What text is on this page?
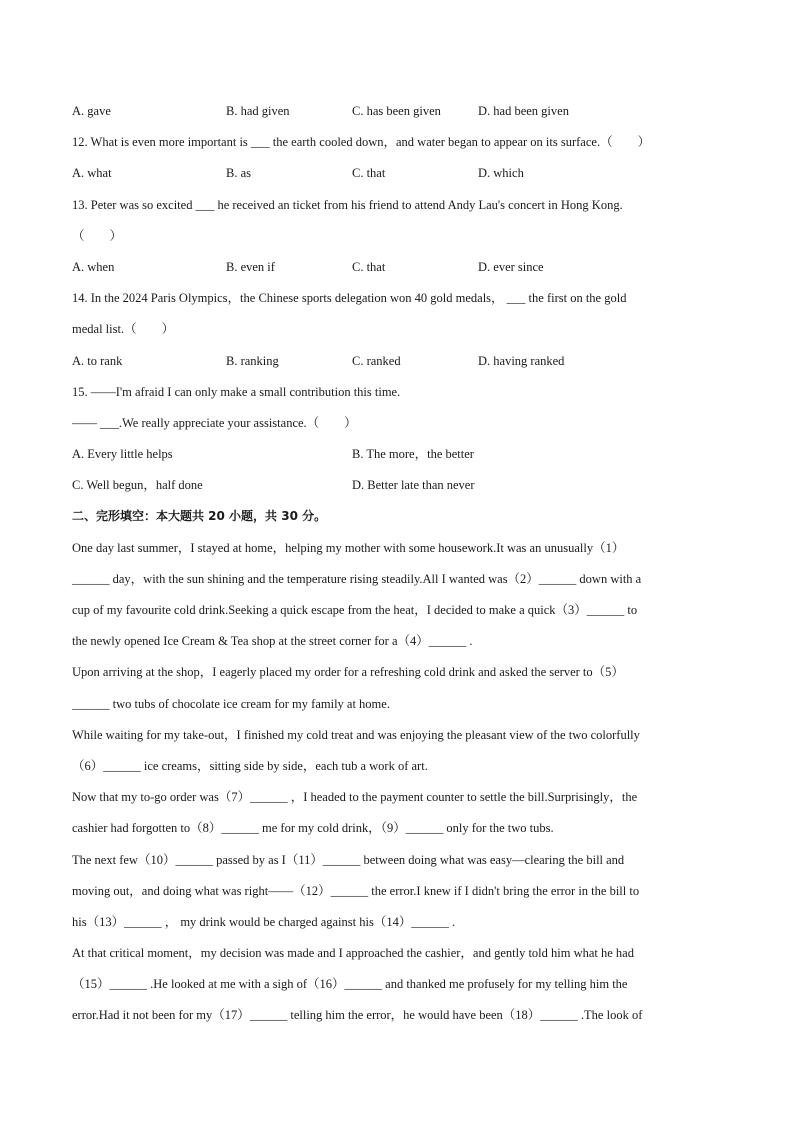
A. gave	B. had given	C. has been given	D. had been given
12. What is even more important is ___ the earth cooled down，and water began to appear on its surface.（　　）
A. what	B. as	C. that	D. which
13. Peter was so excited ___ he received an ticket from his friend to attend Andy Lau's concert in Hong Kong.
（　　）
A. when	B. even if	C. that	D. ever since
14. In the 2024 Paris Olympics，the Chinese sports delegation won 40 gold medals， ___ the first on the gold
medal list.（　　）
A. to rank	B. ranking	C. ranked	D. having ranked
15. ——I'm afraid I can only make a small contribution this time.
—— ___.We really appreciate your assistance.（　　）
A. Every little helps	B. The more，the better
C. Well begun，half done	D. Better late than never
二、完形填空：本大题共 20 小题，共 30 分。
One day last summer，I stayed at home，helping my mother with some housework.It was an unusually（1）
______ day，with the sun shining and the temperature rising steadily.All I wanted was（2）______ down with a
cup of my favourite cold drink.Seeking a quick escape from the heat，I decided to make a quick（3）______ to
the newly opened Ice Cream & Tea shop at the street corner for a（4）______ .
Upon arriving at the shop，I eagerly placed my order for a refreshing cold drink and asked the server to（5）
______ two tubs of chocolate ice cream for my family at home.
While waiting for my take-out，I finished my cold treat and was enjoying the pleasant view of the two colorfully
（6）______ ice creams，sitting side by side，each tub a work of art.
Now that my to-go order was（7）______ ，I headed to the payment counter to settle the bill.Surprisingly，the
cashier had forgotten to（8）______ me for my cold drink，（9）______ only for the two tubs.
The next few（10）______ passed by as I（11）______ between doing what was easy—clearing the bill and
moving out，and doing what was right——（12）______ the error.I knew if I didn't bring the error in the bill to
his（13）______ ， my drink would be charged against his（14）______ .
At that critical moment，my decision was made and I approached the cashier，and gently told him what he had
（15）______ .He looked at me with a sigh of（16）______ and thanked me profusely for my telling him the
error.Had it not been for my（17）______ telling him the error，he would have been（18）______ .The look of
